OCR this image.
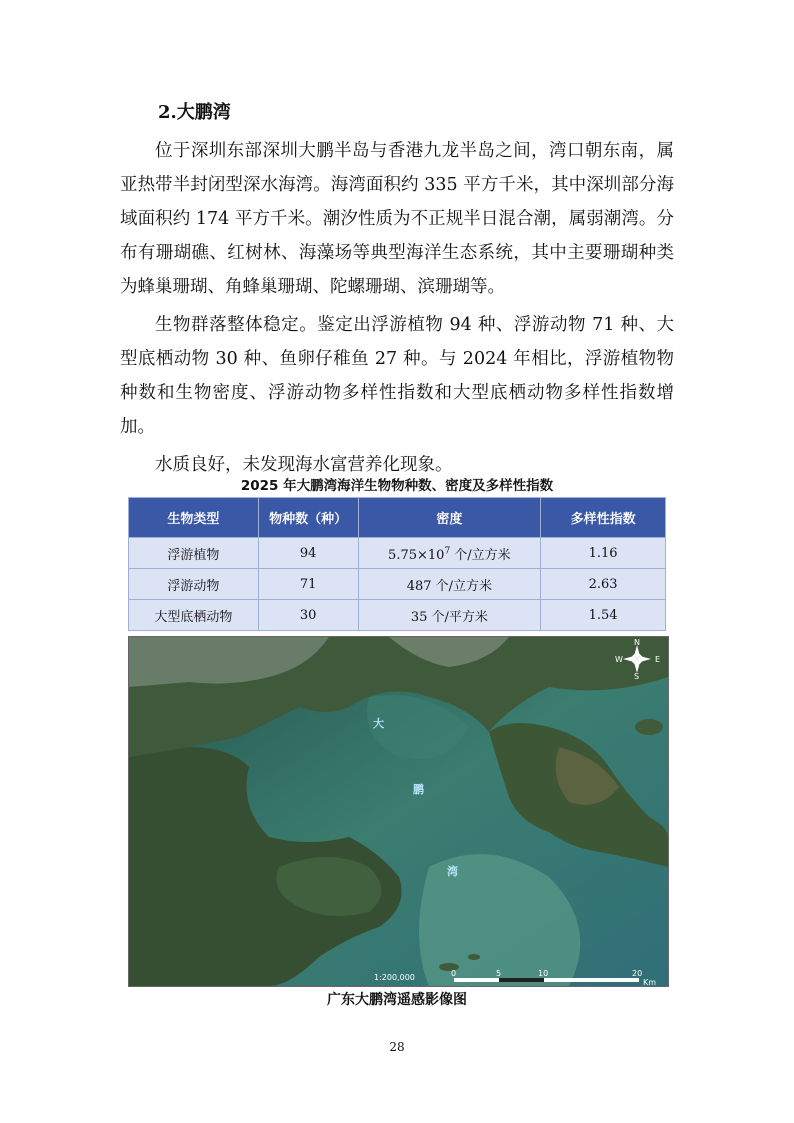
2.大鹏湾

位于深圳东部深圳大鹏半岛与香港九龙半岛之间，湾口朝东南，属亚热带半封闭型深水海湾。海湾面积约 335 平方千米，其中深圳部分海域面积约 174 平方千米。潮汐性质为不正规半日混合潮，属弱潮湾。分布有珊瑚礁、红树林、海藻场等典型海洋生态系统，其中主要珊瑚种类为蜂巢珊瑚、角蜂巢珊瑚、陀螺珊瑚、滨珊瑚等。

生物群落整体稳定。鉴定出浮游植物 94 种、浮游动物 71 种、大型底栖动物 30 种、鱼卵仔稚鱼 27 种。与 2024 年相比，浮游植物物种数和生物密度、浮游动物多样性指数和大型底栖动物多样性指数增加。

水质良好，未发现海水富营养化现象。

2025 年大鹏湾海洋生物物种数、密度及多样性指数
生物类型	物种数（种）	密度	多样性指数
浮游植物	94	$5.75\times 10^7$ 个/立方米	1.16
浮游动物	71	487 个/立方米	2.63
大型底栖动物	30	35 个/平方米	1.54
大
鹏
湾
N
S
W	E
1:200,000	0	5	10	20
Km
广东大鹏湾遥感影像图
28
